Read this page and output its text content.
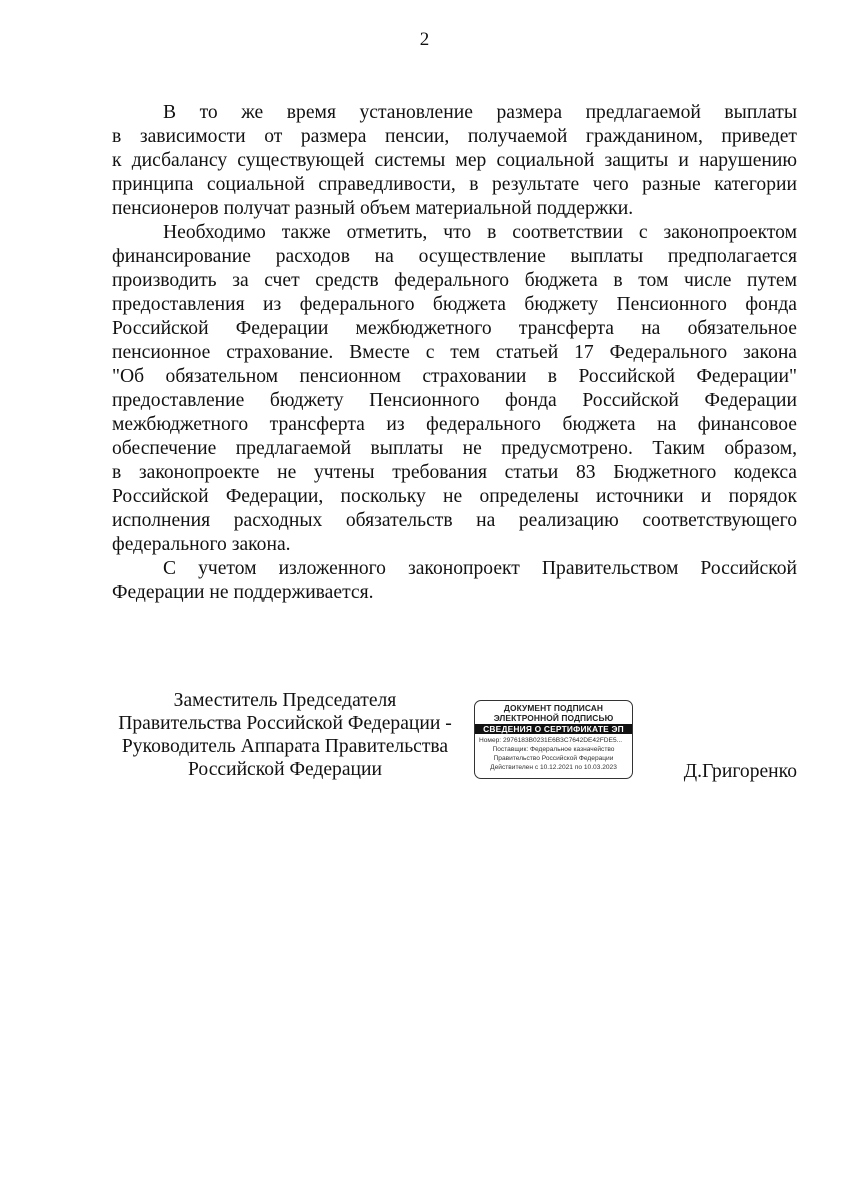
2
В то же время установление размера предлагаемой выплаты
в зависимости от размера пенсии, получаемой гражданином, приведет
к дисбалансу существующей системы мер социальной защиты и нарушению
принципа социальной справедливости, в результате чего разные категории
пенсионеров получат разный объем материальной поддержки.
Необходимо также отметить, что в соответствии с законопроектом
финансирование расходов на осуществление выплаты предполагается
производить за счет средств федерального бюджета в том числе путем
предоставления из федерального бюджета бюджету Пенсионного фонда
Российской Федерации межбюджетного трансферта на обязательное
пенсионное страхование. Вместе с тем статьей 17 Федерального закона
"Об обязательном пенсионном страховании в Российской Федерации"
предоставление бюджету Пенсионного фонда Российской Федерации
межбюджетного трансферта из федерального бюджета на финансовое
обеспечение предлагаемой выплаты не предусмотрено. Таким образом,
в законопроекте не учтены требования статьи 83 Бюджетного кодекса
Российской Федерации, поскольку не определены источники и порядок
исполнения расходных обязательств на реализацию соответствующего
федерального закона.
С учетом изложенного законопроект Правительством Российской
Федерации не поддерживается.
Заместитель Председателя
Правительства Российской Федерации -
Руководитель Аппарата Правительства
Российской Федерации
ДОКУМЕНТ ПОДПИСАН
ЭЛЕКТРОННОЙ ПОДПИСЬЮ
СВЕДЕНИЯ О СЕРТИФИКАТЕ ЭП
Номер: 2976183B0231E6B3C7642DE42FDE5...
Поставщик: Федеральное казначейство
Правительство Российской Федерации
Действителен с 10.12.2021 по 10.03.2023	Д.Григоренко
